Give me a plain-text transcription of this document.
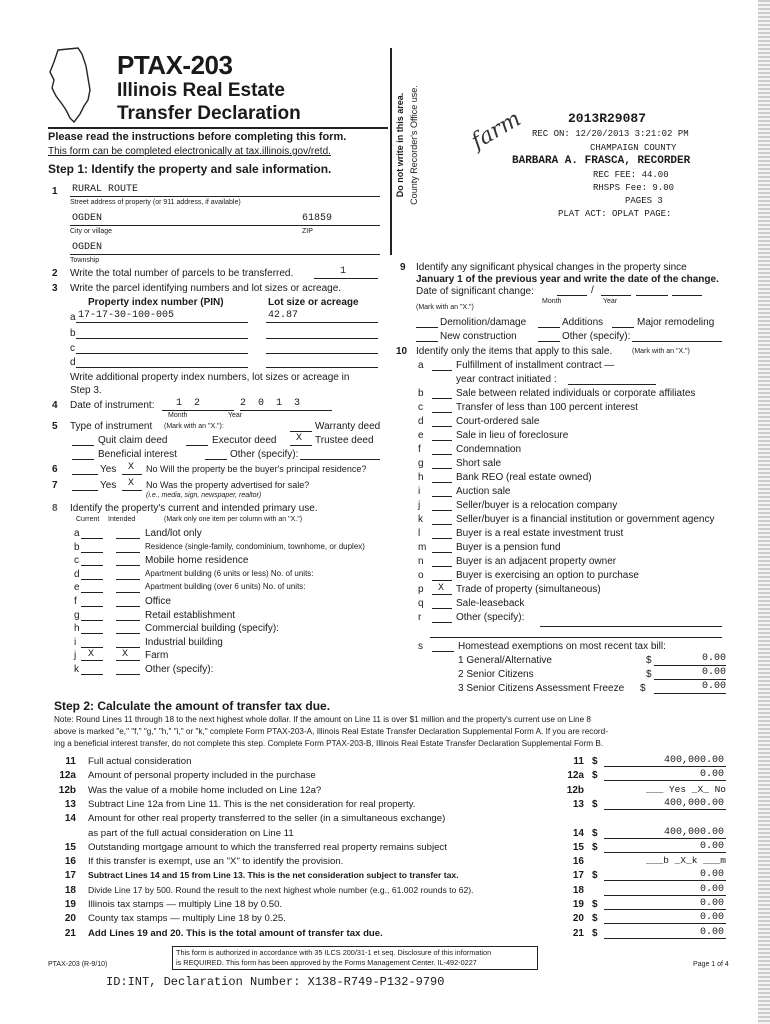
PTAX-203
Illinois Real Estate
Transfer Declaration
Please read the instructions before completing this form.
This form can be completed electronically at tax.illinois.gov/retd.
Step 1: Identify the property and sale information.	Do not write in this area. County Recorder's Office use. farm	2013R29087
REC ON: 12/20/2013 3:21:02 PM
CHAMPAIGN COUNTY
BARBARA A. FRASCA, RECORDER
REC FEE: 44.00
RHSPS Fee: 9.00
PAGES 3
PLAT ACT: OPLAT PAGE:
1 RURAL ROUTE
Street address of property (or 911 address, if available)
OGDEN	61859
City or village	ZIP
OGDEN
Township
2 Write the total number of parcels to be transferred.	1
3 Write the parcel identifying numbers and lot sizes or acreage.
Property index number (PIN)	Lot size or acreage
a 17-17-30-100-005	42.87
b
c
d
Write additional property index numbers, lot sizes or acreage in
Step 3.
4 Date of instrument: 1 2	2 0 1 3
Month	Year
5 Type of instrument (Mark with an "X."):	Warranty deed
Quit claim deed	Executor deed X Trustee deed
Beneficial interest	Other (specify):
6	Yes X No Will the property be the buyer's principal residence?
7	Yes X No Was the property advertised for sale?
(i.e., media, sign, newspaper, realtor)
8 Identify the property's current and intended primary use.
Current Intended	(Mark only one item per column with an "X.")
a	Land/lot only
b	Residence (single-family, condominium, townhome, or duplex)
c	Mobile home residence
d	Apartment building (6 units or less) No. of units:
e	Apartment building (over 6 units) No. of units:
f	Office
g	Retail establishment
h	Commercial building (specify):
i	Industrial building
j X	X Farm
k	Other (specify):
9 Identify any significant physical changes in the property since
January 1 of the previous year and write the date of the change.
Date of significant change:	/
Month	Year
(Mark with an "X.")
Demolition/damage	Additions	Major remodeling
New construction	Other (specify):
10 Identify only the items that apply to this sale.	(Mark with an "X.")
a	Fulfillment of installment contract —
year contract initiated :
b	Sale between related individuals or corporate affiliates
c	Transfer of less than 100 percent interest
d	Court-ordered sale
e	Sale in lieu of foreclosure
f	Condemnation
g	Short sale
h	Bank REO (real estate owned)
i	Auction sale
j	Seller/buyer is a relocation company
k	Seller/buyer is a financial institution or government agency
l	Buyer is a real estate investment trust
m	Buyer is a pension fund
n	Buyer is an adjacent property owner
o	Buyer is exercising an option to purchase
p X Trade of property (simultaneous)
q	Sale-leaseback
r	Other (specify):
s	Homestead exemptions on most recent tax bill:
1 General/Alternative	$	0.00
2 Senior Citizens	$	0.00
3 Senior Citizens Assessment Freeze $	0.00
Step 2: Calculate the amount of transfer tax due.
Note: Round Lines 11 through 18 to the next highest whole dollar. If the amount on Line 11 is over $1 million and the property's current use on Line 8
above is marked "e," "f," "g," "h," "i," or "k," complete Form PTAX-203-A, Illinois Real Estate Transfer Declaration Supplemental Form A. If you are record-
ing a beneficial interest transfer, do not complete this step. Complete Form PTAX-203-B, Illinois Real Estate Transfer Declaration Supplemental Form B.
11 Full actual consideration	11 $	400,000.00
12a Amount of personal property included in the purchase	12a $	0.00
12b Was the value of a mobile home included on Line 12a?	12b	___ Yes _X_ No
13 Subtract Line 12a from Line 11. This is the net consideration for real property.	13 $	400,000.00
14 Amount for other real property transferred to the seller (in a simultaneous exchange)
as part of the full actual consideration on Line 11	14 $	400,000.00
15 Outstanding mortgage amount to which the transferred real property remains subject	15 $	0.00
16 If this transfer is exempt, use an "X" to identify the provision.	16	___b _X_k ___m
17 Subtract Lines 14 and 15 from Line 13. This is the net consideration subject to transfer tax.	17 $	0.00
18 Divide Line 17 by 500. Round the result to the next highest whole number (e.g., 61.002 rounds to 62).	18	0.00
19 Illinois tax stamps — multiply Line 18 by 0.50.	19 $	0.00
20 County tax stamps — multiply Line 18 by 0.25.	20 $	0.00
21 Add Lines 19 and 20. This is the total amount of transfer tax due.	21 $	0.00
PTAX-203 (R-9/10)
This form is authorized in accordance with 35 ILCS 200/31-1 et seq. Disclosure of this information
is REQUIRED. This form has been approved by the Forms Management Center. IL-492-0227	Page 1 of 4
ID:INT, Declaration Number: X138-R749-P132-9790
